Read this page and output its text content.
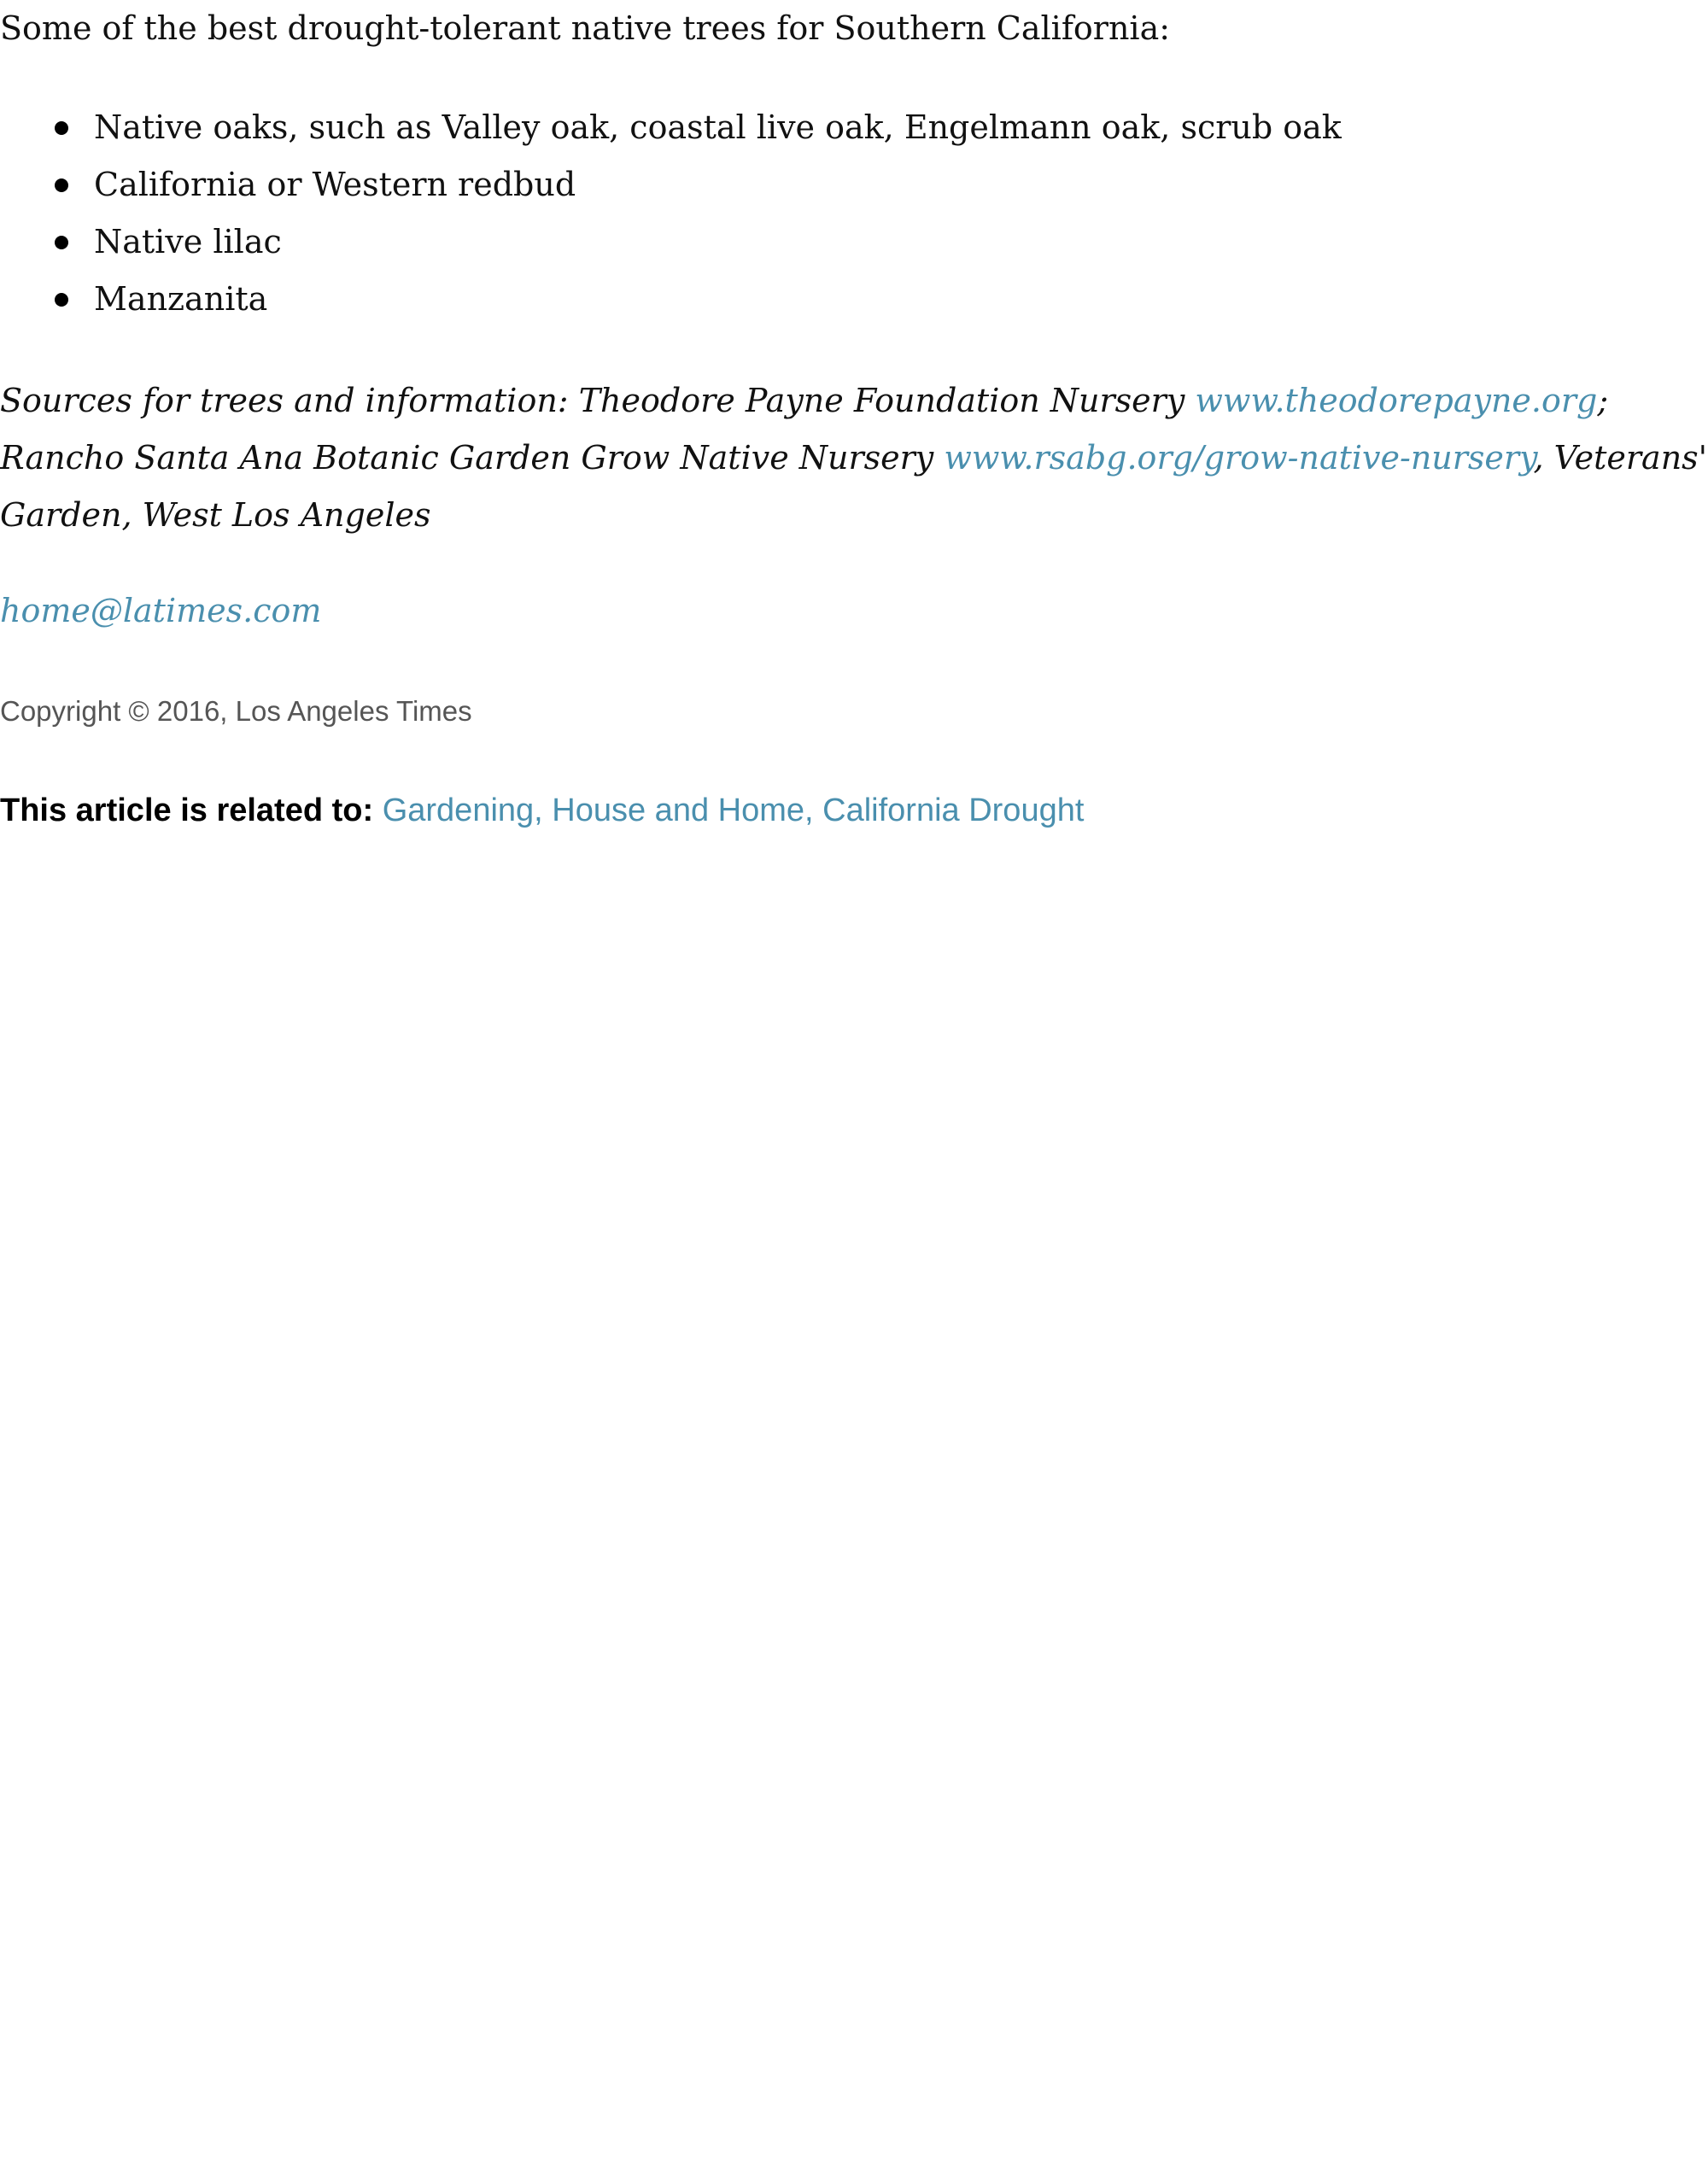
Some of the best drought-tolerant native trees for Southern California:

Native oaks, such as Valley oak, coastal live oak, Engelmann oak, scrub oak
California or Western redbud
Native lilac
Manzanita

Sources for trees and information: Theodore Payne Foundation Nursery www.theodorepayne.org; Rancho Santa Ana Botanic Garden Grow Native Nursery www.rsabg.org/grow-native-nursery, Veterans' Garden, West Los Angeles

home@latimes.com
Copyright © 2016, Los Angeles Times
This article is related to: Gardening, House and Home, California Drought
